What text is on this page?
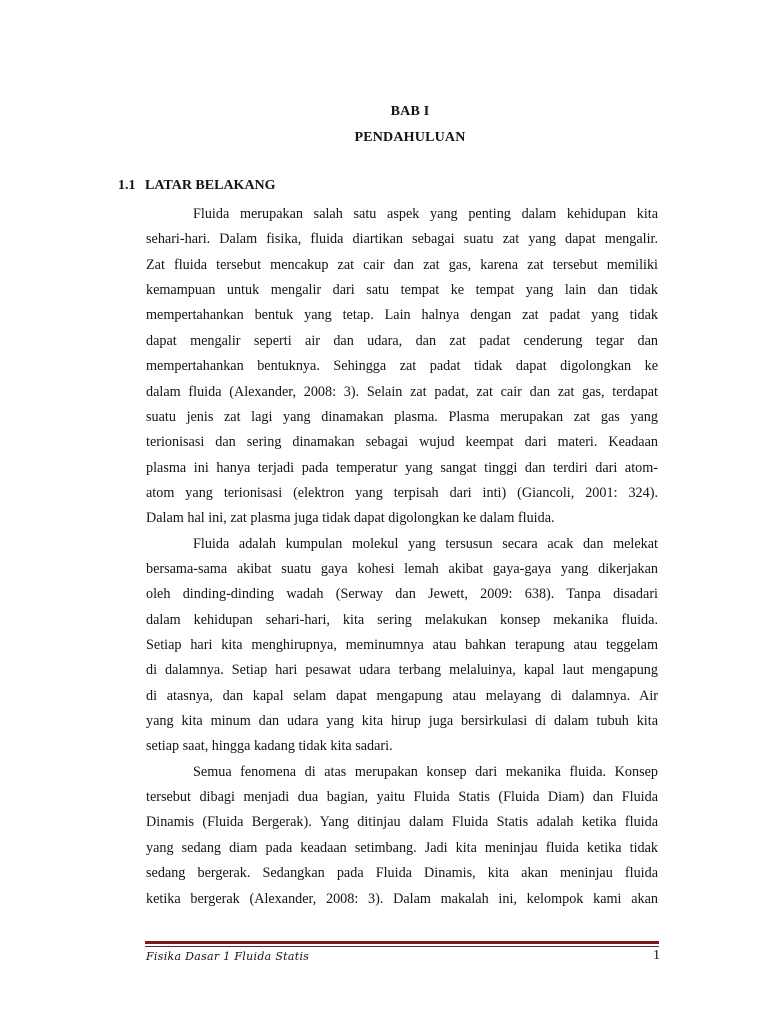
BAB I
PENDAHULUAN
1.1 LATAR BELAKANG
Fluida merupakan salah satu aspek yang penting dalam kehidupan kita
sehari-hari. Dalam fisika, fluida diartikan sebagai suatu zat yang dapat mengalir.
Zat fluida tersebut mencakup zat cair dan zat gas, karena zat tersebut memiliki
kemampuan untuk mengalir dari satu tempat ke tempat yang lain dan tidak
mempertahankan bentuk yang tetap. Lain halnya dengan zat padat yang tidak
dapat mengalir seperti air dan udara, dan zat padat cenderung tegar dan
mempertahankan bentuknya. Sehingga zat padat tidak dapat digolongkan ke
dalam fluida (Alexander, 2008: 3). Selain zat padat, zat cair dan zat gas, terdapat
suatu jenis zat lagi yang dinamakan plasma. Plasma merupakan zat gas yang
terionisasi dan sering dinamakan sebagai wujud keempat dari materi. Keadaan
plasma ini hanya terjadi pada temperatur yang sangat tinggi dan terdiri dari atom-
atom yang terionisasi (elektron yang terpisah dari inti) (Giancoli, 2001: 324).
Dalam hal ini, zat plasma juga tidak dapat digolongkan ke dalam fluida.
Fluida adalah kumpulan molekul yang tersusun secara acak dan melekat
bersama-sama akibat suatu gaya kohesi lemah akibat gaya-gaya yang dikerjakan
oleh dinding-dinding wadah (Serway dan Jewett, 2009: 638). Tanpa disadari
dalam kehidupan sehari-hari, kita sering melakukan konsep mekanika fluida.
Setiap hari kita menghirupnya, meminumnya atau bahkan terapung atau teggelam
di dalamnya. Setiap hari pesawat udara terbang melaluinya, kapal laut mengapung
di atasnya, dan kapal selam dapat mengapung atau melayang di dalamnya. Air
yang kita minum dan udara yang kita hirup juga bersirkulasi di dalam tubuh kita
setiap saat, hingga kadang tidak kita sadari.
Semua fenomena di atas merupakan konsep dari mekanika fluida. Konsep
tersebut dibagi menjadi dua bagian, yaitu Fluida Statis (Fluida Diam) dan Fluida
Dinamis (Fluida Bergerak). Yang ditinjau dalam Fluida Statis adalah ketika fluida
yang sedang diam pada keadaan setimbang. Jadi kita meninjau fluida ketika tidak
sedang bergerak. Sedangkan pada Fluida Dinamis, kita akan meninjau fluida
ketika bergerak (Alexander, 2008: 3). Dalam makalah ini, kelompok kami akan
Fisika Dasar 1 Fluida Statis	1
